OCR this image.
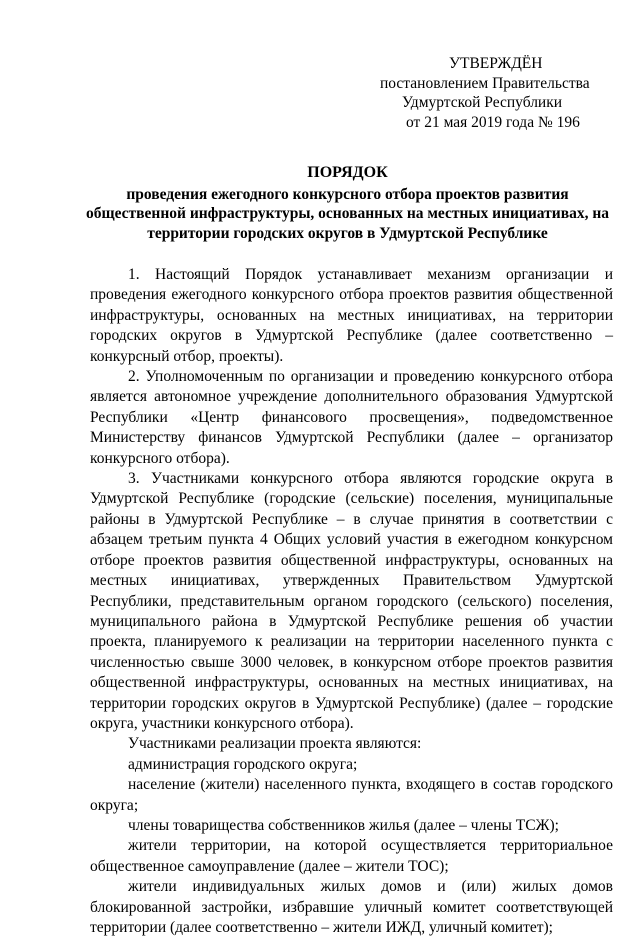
УТВЕРЖДЁН
постановлением Правительства
Удмуртской Республики
от 21 мая 2019 года № 196
ПОРЯДОК
проведения ежегодного конкурсного отбора проектов развития общественной инфраструктуры, основанных на местных инициативах, на территории городских округов в Удмуртской Республике

1. Настоящий Порядок устанавливает механизм организации и проведения ежегодного конкурсного отбора проектов развития общественной инфраструктуры, основанных на местных инициативах, на территории городских округов в Удмуртской Республике (далее соответственно – конкурсный отбор, проекты).

2. Уполномоченным по организации и проведению конкурсного отбора является автономное учреждение дополнительного образования Удмуртской Республики «Центр финансового просвещения», подведомственное Министерству финансов Удмуртской Республики (далее – организатор конкурсного отбора).

3. Участниками конкурсного отбора являются городские округа в Удмуртской Республике (городские (сельские) поселения, муниципальные районы в Удмуртской Республике – в случае принятия в соответствии с абзацем третьим пункта 4 Общих условий участия в ежегодном конкурсном отборе проектов развития общественной инфраструктуры, основанных на местных инициативах, утвержденных Правительством Удмуртской Республики, представительным органом городского (сельского) поселения, муниципального района в Удмуртской Республике решения об участии проекта, планируемого к реализации на территории населенного пункта с численностью свыше 3000 человек, в конкурсном отборе проектов развития общественной инфраструктуры, основанных на местных инициативах, на территории городских округов в Удмуртской Республике) (далее – городские округа, участники конкурсного отбора).

Участниками реализации проекта являются:

администрация городского округа;

население (жители) населенного пункта, входящего в состав городского округа;

члены товарищества собственников жилья (далее – члены ТСЖ);

жители территории, на которой осуществляется территориальное общественное самоуправление (далее – жители ТОС);

жители индивидуальных жилых домов и (или) жилых домов блокированной застройки, избравшие уличный комитет соответствующей территории (далее соответственно – жители ИЖД, уличный комитет);
